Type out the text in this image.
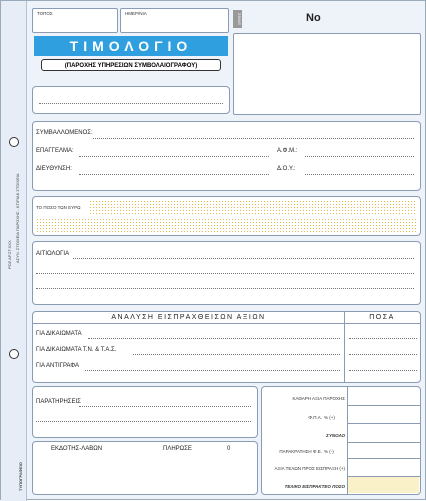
ΡΟΖ ΑΡ.ΣΤ.ΧΧΧ ΑΣΥΝ. ΣΤΟΙΧΕΙΑ ΠΑΡΟΧΗΣ - ΚΤΙΡΙΑΚ ΣΤΟΙΧΕΙΑ
ΤΥΠΟΓΡΑΦΕΙΟ
ΤΟΠΟΣ	ΗΜΕΡ/ΝΙΑ
ΤΙΜΟΛΟΓΙΟ
(ΠΑΡΟΧΗΣ ΥΠΗΡΕΣΙΩΝ ΣΥΜΒΟΛΑΙΟΓΡΑΦΟΥ)
ΣΦΙΝΞ	Νο
ΣΥΜΒΑΛΛΟΜΕΝΟΣ:
ΕΠΑΓΓΕΛΜΑ:	Α.Φ.Μ.:
ΔΙΕΥΘΥΝΣΗ:	Δ.Ο.Υ.:
ΤΟ ΠΟΣΟ ΤΩΝ ΕΥΡΩ
ΑΙΤΙΟΛΟΓΙΑ
ΑΝΑΛΥΣΗ ΕΙΣΠΡΑΧΘΕΙΣΩΝ ΑΞΙΩΝ	ΠΟΣΑ
ΓΙΑ ΔΙΚΑΙΩΜΑΤΑ
ΓΙΑ ΔΙΚΑΙΩΜΑΤΑ Τ.Ν. & Τ.Α.Σ.
ΓΙΑ ΑΝΤΙΓΡΑΦΑ
ΠΑΡΑΤΗΡΗΣΕΙΣ
ΕΚΔΟΤΗΣ-ΛΑΒΩΝ	ΠΛΗΡΩΣΕ	0
ΚΑΘΑΡΗ ΑΞΙΑ ΠΑΡΟΧΗΣ
Φ.Π.Α. % (+)
ΣΥΝΟΛΟ
ΠΑΡΑΚΡΑΤΗΣΗ Φ.Ε. % (-)
ΑΞΙΑ ΤΕΛΩΝ ΠΡΟΣ ΕΙΣΠΡΑΞΗ (+)
ΤΕΛΙΚΟ ΕΙΣΠΡΑΚΤΕΟ ΠΟΣΟ
